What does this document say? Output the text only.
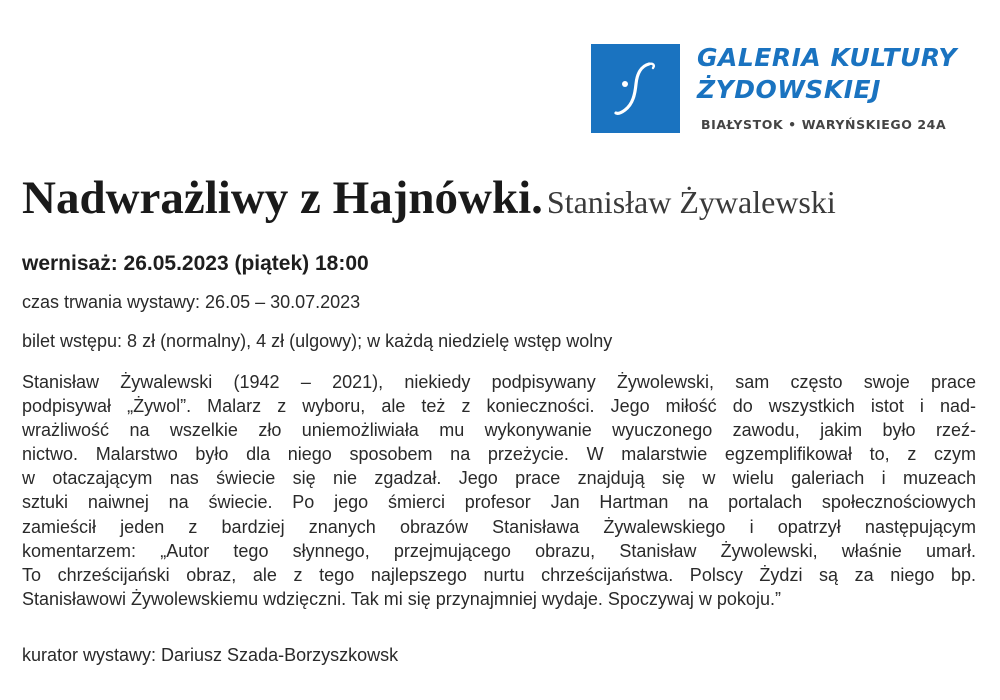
GALERIA KULTURY
ŻYDOWSKIEJ
BIAŁYSTOK • WARYŃSKIEGO 24A
Nadwrażliwy z Hajnówki. Stanisław Żywalewski
wernisaż: 26.05.2023 (piątek) 18:00
czas trwania wystawy: 26.05 – 30.07.2023
bilet wstępu: 8 zł (normalny), 4 zł (ulgowy); w każdą niedzielę wstęp wolny
Stanisław Żywalewski (1942 – 2021), niekiedy podpisywany Żywolewski, sam często swoje prace
podpisywał „Żywol”. Malarz z wyboru, ale też z konieczności. Jego miłość do wszystkich istot i nad-
wrażliwość na wszelkie zło uniemożliwiała mu wykonywanie wyuczonego zawodu, jakim było rzeź-
nictwo. Malarstwo było dla niego sposobem na przeżycie. W malarstwie egzemplifikował to, z czym
w otaczającym nas świecie się nie zgadzał. Jego prace znajdują się w wielu galeriach i muzeach
sztuki naiwnej na świecie. Po jego śmierci profesor Jan Hartman na portalach społecznościowych
zamieścił jeden z bardziej znanych obrazów Stanisława Żywalewskiego i opatrzył następującym
komentarzem: „Autor tego słynnego, przejmującego obrazu, Stanisław Żywolewski, właśnie umarł.
To chrześcijański obraz, ale z tego najlepszego nurtu chrześcijaństwa. Polscy Żydzi są za niego bp.
Stanisławowi Żywolewskiemu wdzięczni. Tak mi się przynajmniej wydaje. Spoczywaj w pokoju.”
kurator wystawy: Dariusz Szada-Borzyszkowsk
